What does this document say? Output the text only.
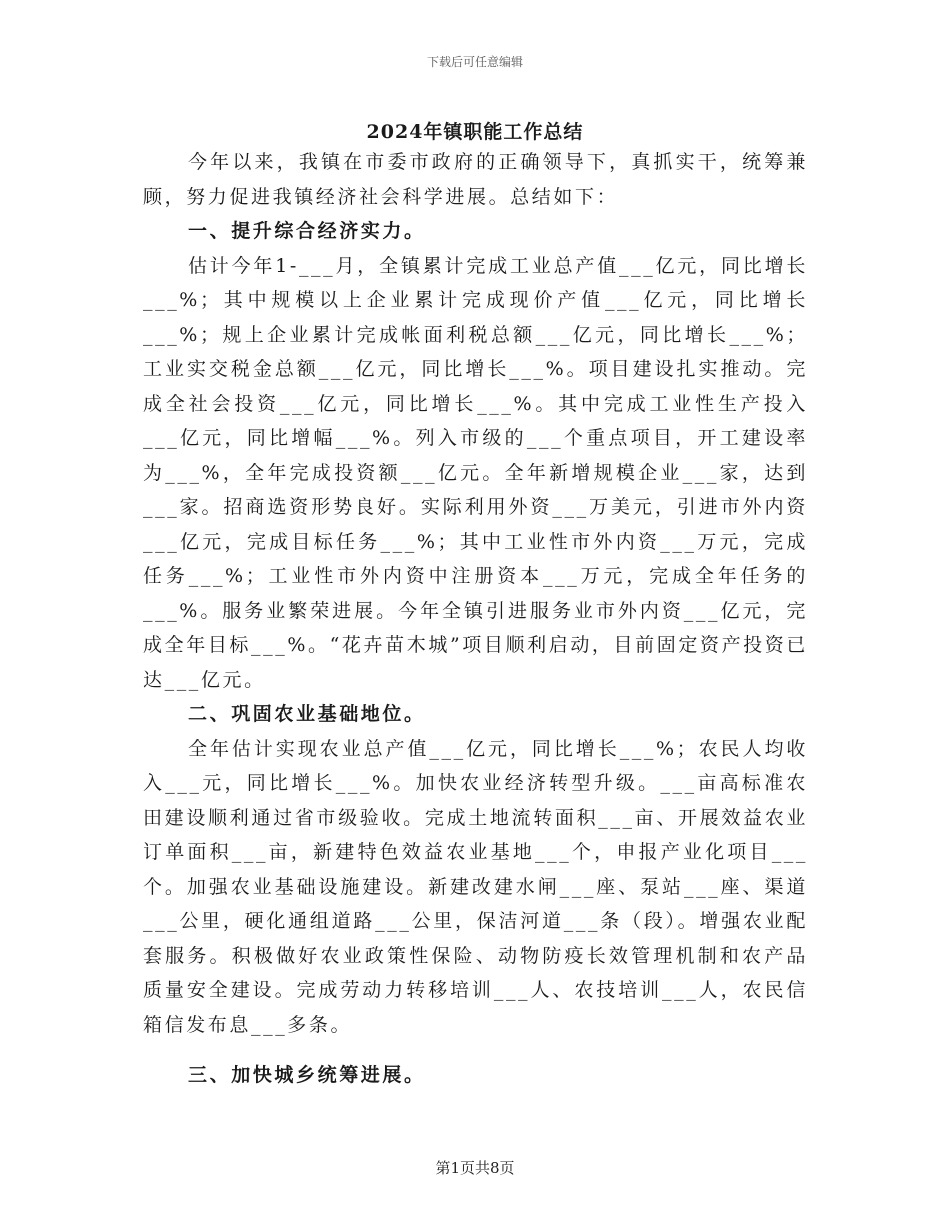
下载后可任意编辑
2024年镇职能工作总结

今年以来，我镇在市委市政府的正确领导下，真抓实干，统筹兼顾，努力促进我镇经济社会科学进展。总结如下：

一、提升综合经济实力。

估计今年1-___月，全镇累计完成工业总产值___亿元，同比增长___%；其中规模以上企业累计完成现价产值___亿元，同比增长___%；规上企业累计完成帐面利税总额___亿元，同比增长___%；工业实交税金总额___亿元，同比增长___%。项目建设扎实推动。完成全社会投资___亿元，同比增长___%。其中完成工业性生产投入___亿元，同比增幅___%。列入市级的___个重点项目，开工建设率为___%，全年完成投资额___亿元。全年新增规模企业___家，达到___家。招商选资形势良好。实际利用外资___万美元，引进市外内资___亿元，完成目标任务___%；其中工业性市外内资___万元，完成任务___%；工业性市外内资中注册资本___万元，完成全年任务的___%。服务业繁荣进展。今年全镇引进服务业市外内资___亿元，完成全年目标___%。“花卉苗木城”项目顺利启动，目前固定资产投资已达___亿元。

二、巩固农业基础地位。

全年估计实现农业总产值___亿元，同比增长___%；农民人均收入___元，同比增长___%。加快农业经济转型升级。___亩高标准农田建设顺利通过省市级验收。完成土地流转面积___亩、开展效益农业订单面积___亩，新建特色效益农业基地___个，申报产业化项目___个。加强农业基础设施建设。新建改建水闸___座、泵站___座、渠道___公里，硬化通组道路___公里，保洁河道___条（段）。增强农业配套服务。积极做好农业政策性保险、动物防疫长效管理机制和农产品质量安全建设。完成劳动力转移培训___人、农技培训___人，农民信箱信发布息___多条。

三、加快城乡统筹进展。

第1页共8页
